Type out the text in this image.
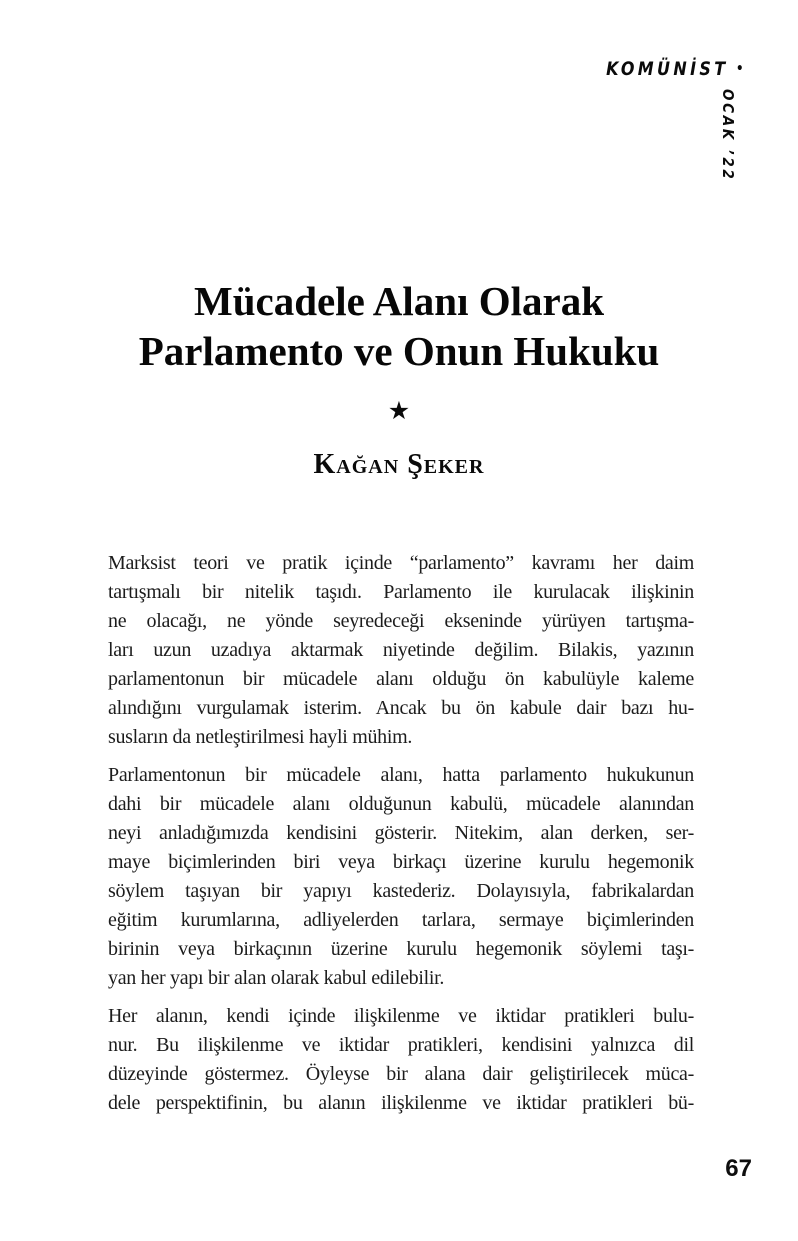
KOMÜNİST •
OCAK ’22
Mücadele Alanı Olarak
Parlamento ve Onun Hukuku
★
Kağan Şeker
Marksist teori ve pratik içinde “parlamento” kavramı her daim
tartışmalı bir nitelik taşıdı. Parlamento ile kurulacak ilişkinin
ne olacağı, ne yönde seyredeceği ekseninde yürüyen tartışma-
ları uzun uzadıya aktarmak niyetinde değilim. Bilakis, yazının
parlamentonun bir mücadele alanı olduğu ön kabulüyle kaleme
alındığını vurgulamak isterim. Ancak bu ön kabule dair bazı hu-
susların da netleştirilmesi hayli mühim.
Parlamentonun bir mücadele alanı, hatta parlamento hukukunun
dahi bir mücadele alanı olduğunun kabulü, mücadele alanından
neyi anladığımızda kendisini gösterir. Nitekim, alan derken, ser-
maye biçimlerinden biri veya birkaçı üzerine kurulu hegemonik
söylem taşıyan bir yapıyı kastederiz. Dolayısıyla, fabrikalardan
eğitim kurumlarına, adliyelerden tarlara, sermaye biçimlerinden
birinin veya birkaçının üzerine kurulu hegemonik söylemi taşı-
yan her yapı bir alan olarak kabul edilebilir.
Her alanın, kendi içinde ilişkilenme ve iktidar pratikleri bulu-
nur. Bu ilişkilenme ve iktidar pratikleri, kendisini yalnızca dil
düzeyinde göstermez. Öyleyse bir alana dair geliştirilecek müca-
dele perspektifinin, bu alanın ilişkilenme ve iktidar pratikleri bü-
67
